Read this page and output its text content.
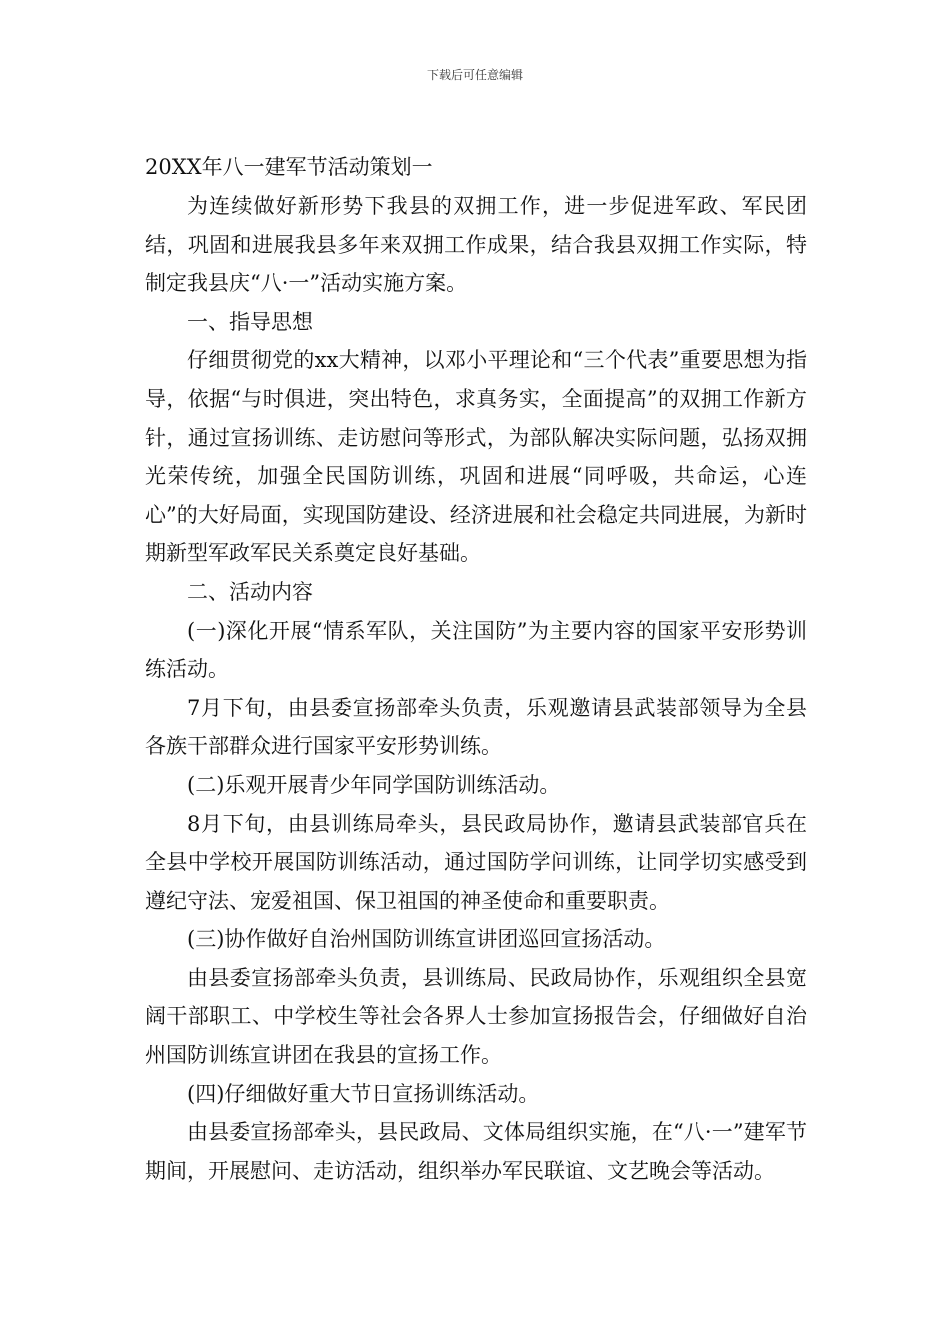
下载后可任意编辑
20XX年八一建军节活动策划一

为连续做好新形势下我县的双拥工作，进一步促进军政、军民团结，巩固和进展我县多年来双拥工作成果，结合我县双拥工作实际，特制定我县庆“八·一”活动实施方案。

一、指导思想

仔细贯彻党的xx大精神，以邓小平理论和“三个代表”重要思想为指导，依据“与时俱进，突出特色，求真务实，全面提高”的双拥工作新方针，通过宣扬训练、走访慰问等形式，为部队解决实际问题，弘扬双拥光荣传统，加强全民国防训练，巩固和进展“同呼吸，共命运，心连心”的大好局面，实现国防建设、经济进展和社会稳定共同进展，为新时期新型军政军民关系奠定良好基础。

二、活动内容

(一)深化开展“情系军队，关注国防”为主要内容的国家平安形势训练活动。

7月下旬，由县委宣扬部牵头负责，乐观邀请县武装部领导为全县各族干部群众进行国家平安形势训练。

(二)乐观开展青少年同学国防训练活动。

8月下旬，由县训练局牵头，县民政局协作，邀请县武装部官兵在全县中学校开展国防训练活动，通过国防学问训练，让同学切实感受到遵纪守法、宠爱祖国、保卫祖国的神圣使命和重要职责。

(三)协作做好自治州国防训练宣讲团巡回宣扬活动。

由县委宣扬部牵头负责，县训练局、民政局协作，乐观组织全县宽阔干部职工、中学校生等社会各界人士参加宣扬报告会，仔细做好自治州国防训练宣讲团在我县的宣扬工作。

(四)仔细做好重大节日宣扬训练活动。

由县委宣扬部牵头，县民政局、文体局组织实施，在“八·一”建军节期间，开展慰问、走访活动，组织举办军民联谊、文艺晚会等活动。
